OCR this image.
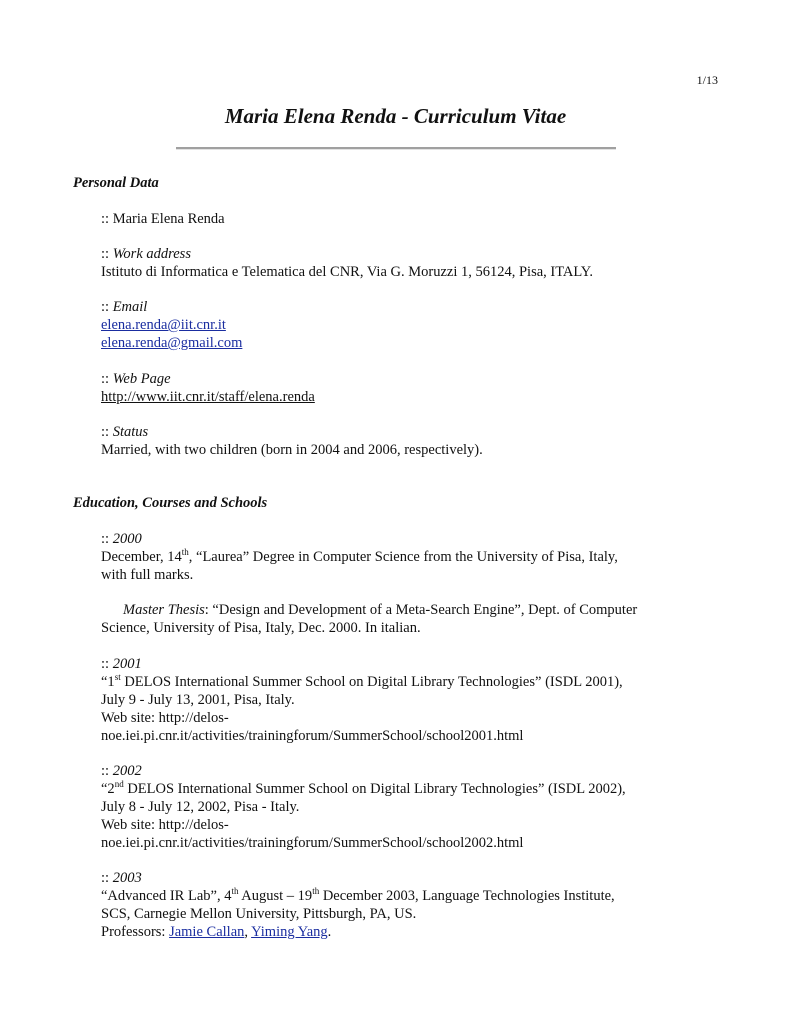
1/13
Maria Elena Renda - Curriculum Vitae
Personal Data
:: Maria Elena Renda
:: Work address
Istituto di Informatica e Telematica del CNR, Via G. Moruzzi 1, 56124, Pisa, ITALY.
:: Email
elena.renda@iit.cnr.it
elena.renda@gmail.com
:: Web Page
http://www.iit.cnr.it/staff/elena.renda
:: Status
Married, with two children (born in 2004 and 2006, respectively).
Education, Courses and Schools
:: 2000
December, 14th, “Laurea” Degree in Computer Science from the University of Pisa, Italy,
with full marks.
Master Thesis: “Design and Development of a Meta-Search Engine”, Dept. of Computer
Science, University of Pisa, Italy, Dec. 2000. In italian.
:: 2001
“1st DELOS International Summer School on Digital Library Technologies” (ISDL 2001),
July 9 - July 13, 2001, Pisa, Italy.
Web site: http://delos-
noe.iei.pi.cnr.it/activities/trainingforum/SummerSchool/school2001.html
:: 2002
“2nd DELOS International Summer School on Digital Library Technologies” (ISDL 2002),
July 8 - July 12, 2002, Pisa - Italy.
Web site: http://delos-
noe.iei.pi.cnr.it/activities/trainingforum/SummerSchool/school2002.html
:: 2003
“Advanced IR Lab”, 4th August – 19th December 2003, Language Technologies Institute,
SCS, Carnegie Mellon University, Pittsburgh, PA, US.
Professors: Jamie Callan, Yiming Yang.
